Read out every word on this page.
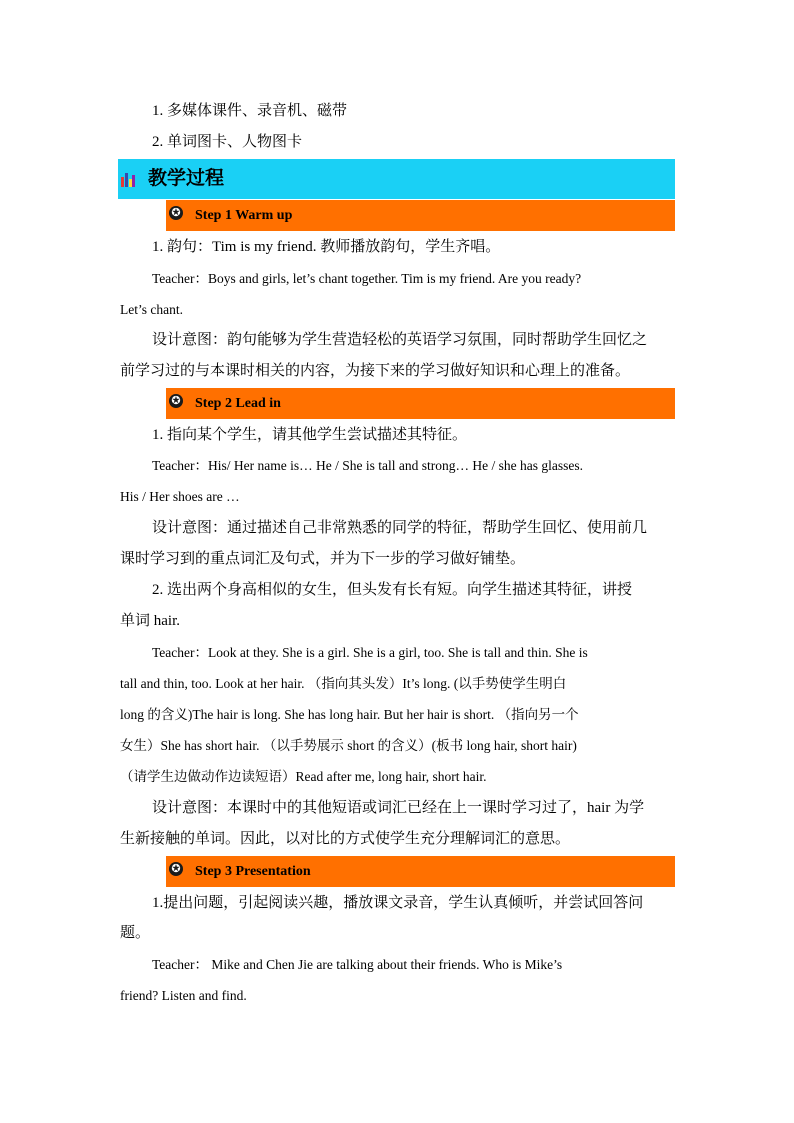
1. 多媒体课件、录音机、磁带
2. 单词图卡、人物图卡
教学过程
✪ Step 1 Warm up
1. 韵句：Tim is my friend. 教师播放韵句，学生齐唱。
Teacher：Boys and girls, let’s chant together. Tim is my friend. Are you ready?
Let’s chant.
设计意图：韵句能够为学生营造轻松的英语学习氛围，同时帮助学生回忆之
前学习过的与本课时相关的内容，为接下来的学习做好知识和心理上的准备。
✪ Step 2 Lead in
1. 指向某个学生，请其他学生尝试描述其特征。
Teacher：His/ Her name is… He / She is tall and strong… He / she has glasses.
His / Her shoes are …
设计意图：通过描述自己非常熟悉的同学的特征，帮助学生回忆、使用前几
课时学习到的重点词汇及句式，并为下一步的学习做好铺垫。
2. 选出两个身高相似的女生，但头发有长有短。向学生描述其特征，讲授
单词 hair.
Teacher：Look at they. She is a girl. She is a girl, too. She is tall and thin. She is
tall and thin, too. Look at her hair. （指向其头发）It’s long. (以手势使学生明白
long 的含义)The hair is long. She has long hair. But her hair is short. （指向另一个
女生）She has short hair. （以手势展示 short 的含义）(板书 long hair, short hair)
（请学生边做动作边读短语）Read after me, long hair, short hair.
设计意图：本课时中的其他短语或词汇已经在上一课时学习过了，hair 为学
生新接触的单词。因此，以对比的方式使学生充分理解词汇的意思。
✪ Step 3 Presentation
1.提出问题，引起阅读兴趣，播放课文录音，学生认真倾听，并尝试回答问
题。
Teacher： Mike and Chen Jie are talking about their friends. Who is Mike’s
friend? Listen and find.
